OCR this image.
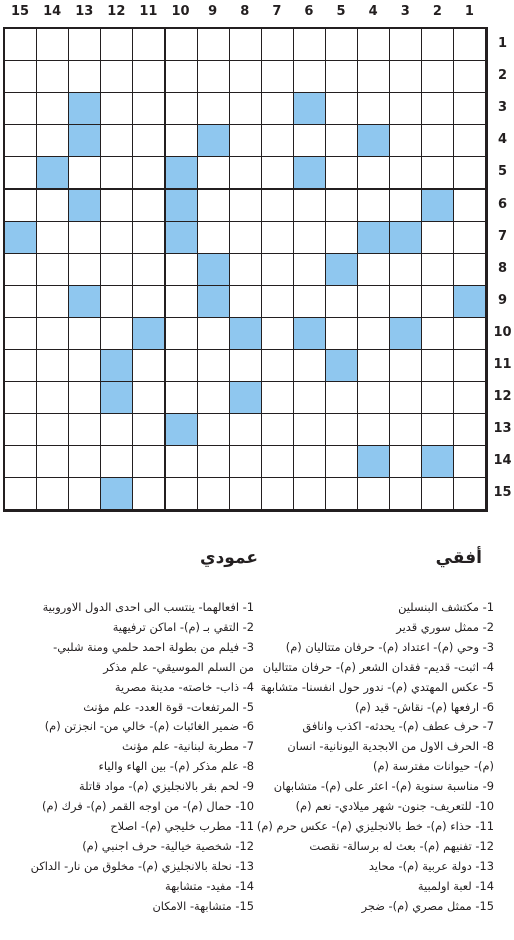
15	14	13	12	11	10	9	8	7	6	5	4	3	2	1
1
2
3
4
5
6
7
8
9
10
11
12
13
14
15
أفقي
عمودي
1- مكتشف البنسلين
2- ممثل سوري قدير
3- وحي (م)- اعتداد (م)- حرفان متتاليان (م)
4- اثبت- قديم- فقدان الشعر (م)- حرفان متتاليان
5- عكس المهتدي (م)- ندور حول انفسنا- متشابهة
6- ارفعها (م)- نقاش- قيد (م)
7- حرف عطف (م)- يحدثه- اكذب وانافق
8- الحرف الاول من الابجدية اليونانية- انسان
(م)- حيوانات مفترسة (م)
9- مناسبة سنوية (م)- اعثر على (م)- متشابهان
10- للتعريف- جنون- شهر ميلادي- نعم (م)
11- حذاء (م)- خط بالانجليزي (م)- عكس حرم (م)
12- تفنيهم (م)- بعث له برسالة- نقصت
13- دولة عربية (م)- محايد
14- لعبة اولمبية
15- ممثل مصري (م)- ضجر
1- افعالهما- ينتسب الى احدى الدول الاوروبية
2- التقي بـ (م)- اماكن ترفيهية
3- فيلم من بطولة احمد حلمي ومنة شلبي-
من السلم الموسيقي- علم مذكر
4- ذاب- خاصته- مدينة مصرية
5- المرتفعات- قوة العدد- علم مؤنث
6- ضمير الغائبات (م)- خالي من- انجزتن (م)
7- مطربة لبنانية- علم مؤنث
8- علم مذكر (م)- بين الهاء والياء
9- لحم بقر بالانجليزي (م)- مواد قاتلة
10- حمال (م)- من اوجه القمر (م)- فرك (م)
11- مطرب خليجي (م)- اصلاح
12- شخصية خيالية- حرف اجنبي (م)
13- نحلة بالانجليزي (م)- مخلوق من نار- الداكن
14- مفيد- متشابهة
15- متشابهة- الامكان
